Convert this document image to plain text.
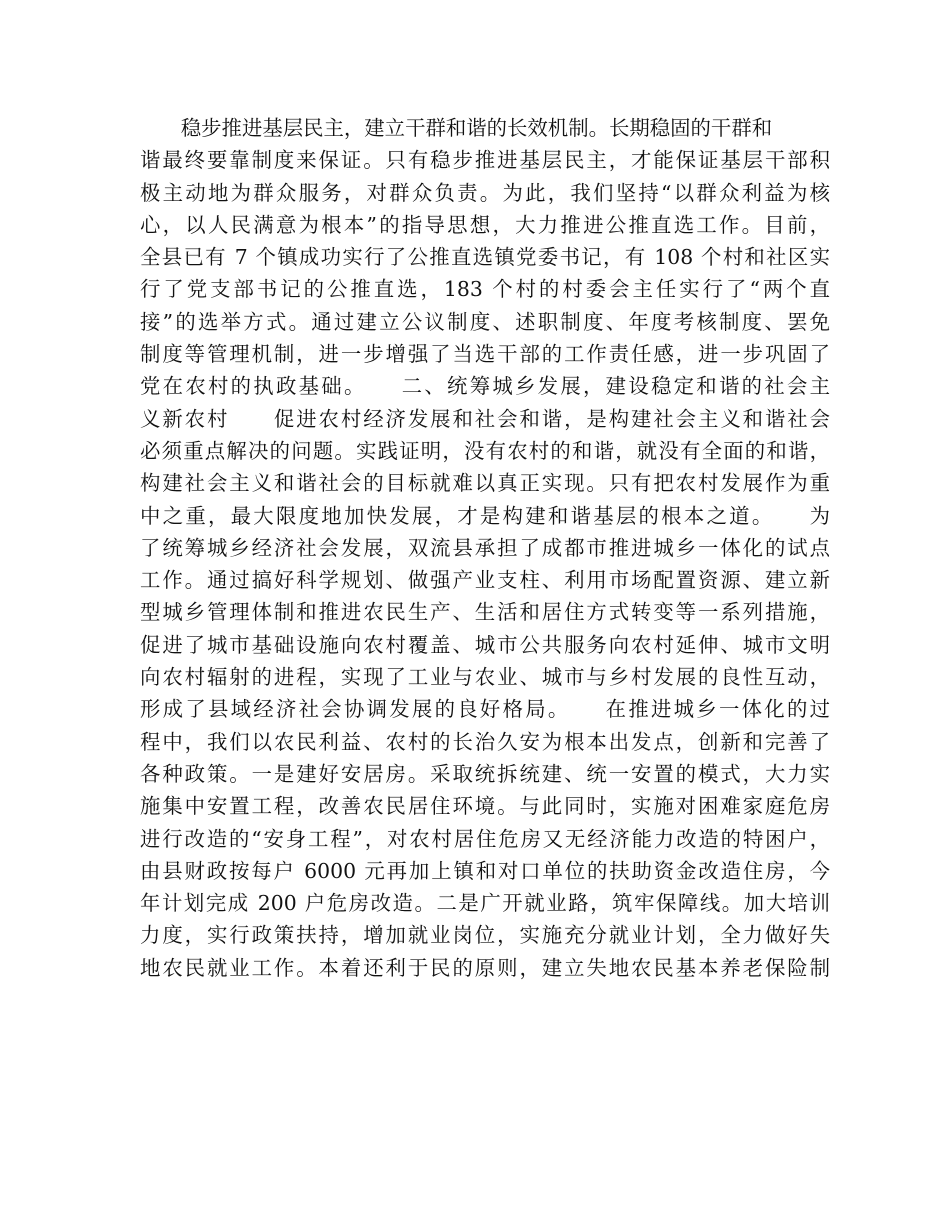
　　稳步推进基层民主，建立干群和谐的长效机制。长期稳固的干群和
谐最终要靠制度来保证。只有稳步推进基层民主，才能保证基层干部积
极主动地为群众服务，对群众负责。为此，我们坚持“以群众利益为核
心，以人民满意为根本”的指导思想，大力推进公推直选工作。目前，
全县已有 7 个镇成功实行了公推直选镇党委书记，有 108 个村和社区实
行了党支部书记的公推直选，183 个村的村委会主任实行了“两个直
接”的选举方式。通过建立公议制度、述职制度、年度考核制度、罢免
制度等管理机制，进一步增强了当选干部的工作责任感，进一步巩固了
党在农村的执政基础。　　二、统筹城乡发展，建设稳定和谐的社会主
义新农村　　促进农村经济发展和社会和谐，是构建社会主义和谐社会
必须重点解决的问题。实践证明，没有农村的和谐，就没有全面的和谐，
构建社会主义和谐社会的目标就难以真正实现。只有把农村发展作为重
中之重，最大限度地加快发展，才是构建和谐基层的根本之道。　　为
了统筹城乡经济社会发展，双流县承担了成都市推进城乡一体化的试点
工作。通过搞好科学规划、做强产业支柱、利用市场配置资源、建立新
型城乡管理体制和推进农民生产、生活和居住方式转变等一系列措施，
促进了城市基础设施向农村覆盖、城市公共服务向农村延伸、城市文明
向农村辐射的进程，实现了工业与农业、城市与乡村发展的良性互动，
形成了县域经济社会协调发展的良好格局。　　在推进城乡一体化的过
程中，我们以农民利益、农村的长治久安为根本出发点，创新和完善了
各种政策。一是建好安居房。采取统拆统建、统一安置的模式，大力实
施集中安置工程，改善农民居住环境。与此同时，实施对困难家庭危房
进行改造的“安身工程”，对农村居住危房又无经济能力改造的特困户，
由县财政按每户 6000 元再加上镇和对口单位的扶助资金改造住房，今
年计划完成 200 户危房改造。二是广开就业路，筑牢保障线。加大培训
力度，实行政策扶持，增加就业岗位，实施充分就业计划，全力做好失
地农民就业工作。本着还利于民的原则，建立失地农民基本养老保险制
